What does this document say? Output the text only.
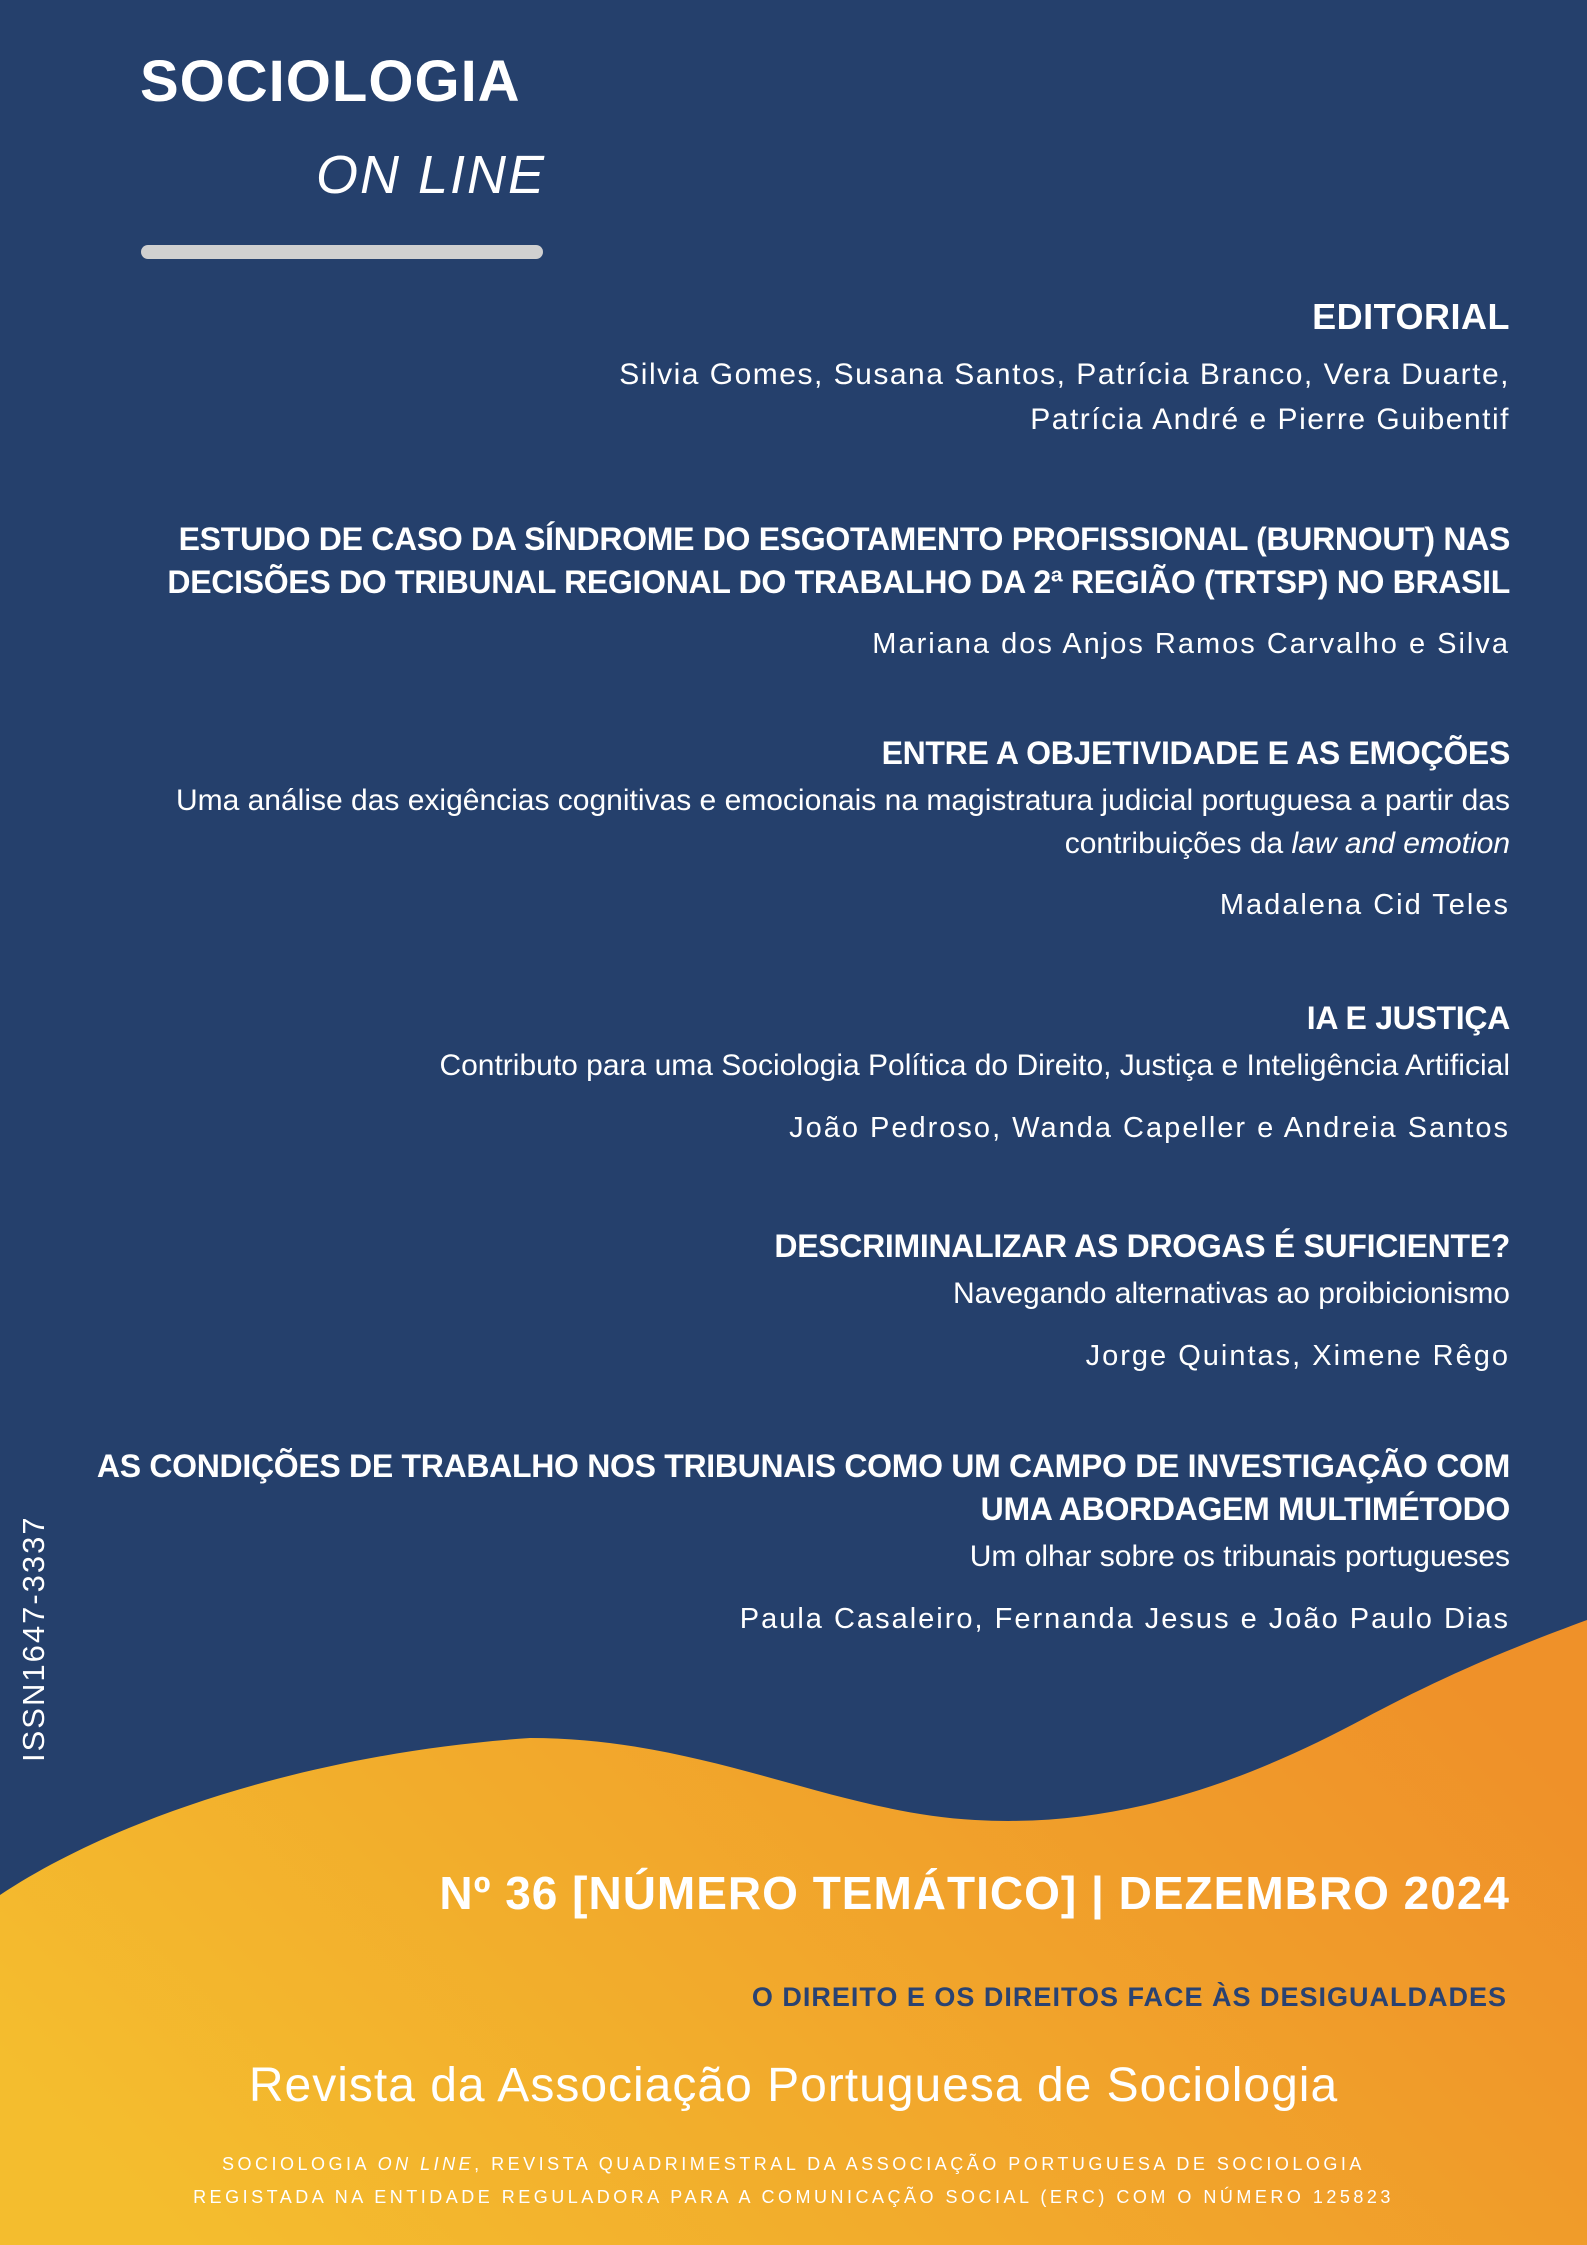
SOCIOLOGIA
ON LINE
EDITORIAL
Silvia Gomes, Susana Santos, Patrícia Branco, Vera Duarte,
Patrícia André e Pierre Guibentif
ESTUDO DE CASO DA SÍNDROME DO ESGOTAMENTO PROFISSIONAL (BURNOUT) NAS DECISÕES DO TRIBUNAL REGIONAL DO TRABALHO DA 2ª REGIÃO (TRTSP) NO BRASIL
Mariana dos Anjos Ramos Carvalho e Silva
ENTRE A OBJETIVIDADE E AS EMOÇÕES
Uma análise das exigências cognitivas e emocionais na magistratura judicial portuguesa a partir das contribuições da law and emotion
Madalena Cid Teles
IA E JUSTIÇA
Contributo para uma Sociologia Política do Direito, Justiça e Inteligência Artificial
João Pedroso, Wanda Capeller e Andreia Santos
DESCRIMINALIZAR AS DROGAS É SUFICIENTE?
Navegando alternativas ao proibicionismo
Jorge Quintas, Ximene Rêgo
AS CONDIÇÕES DE TRABALHO NOS TRIBUNAIS COMO UM CAMPO DE INVESTIGAÇÃO COM UMA ABORDAGEM MULTIMÉTODO
Um olhar sobre os tribunais portugueses
Paula Casaleiro, Fernanda Jesus e João Paulo Dias
ISSN1647-3337
Nº 36 [NÚMERO TEMÁTICO] | DEZEMBRO 2024
O DIREITO E OS DIREITOS FACE ÀS DESIGUALDADES
Revista da Associação Portuguesa de Sociologia
SOCIOLOGIA ON LINE, REVISTA QUADRIMESTRAL DA ASSOCIAÇÃO PORTUGUESA DE SOCIOLOGIA
REGISTADA NA ENTIDADE REGULADORA PARA A COMUNICAÇÃO SOCIAL (ERC) COM O NÚMERO 125823
